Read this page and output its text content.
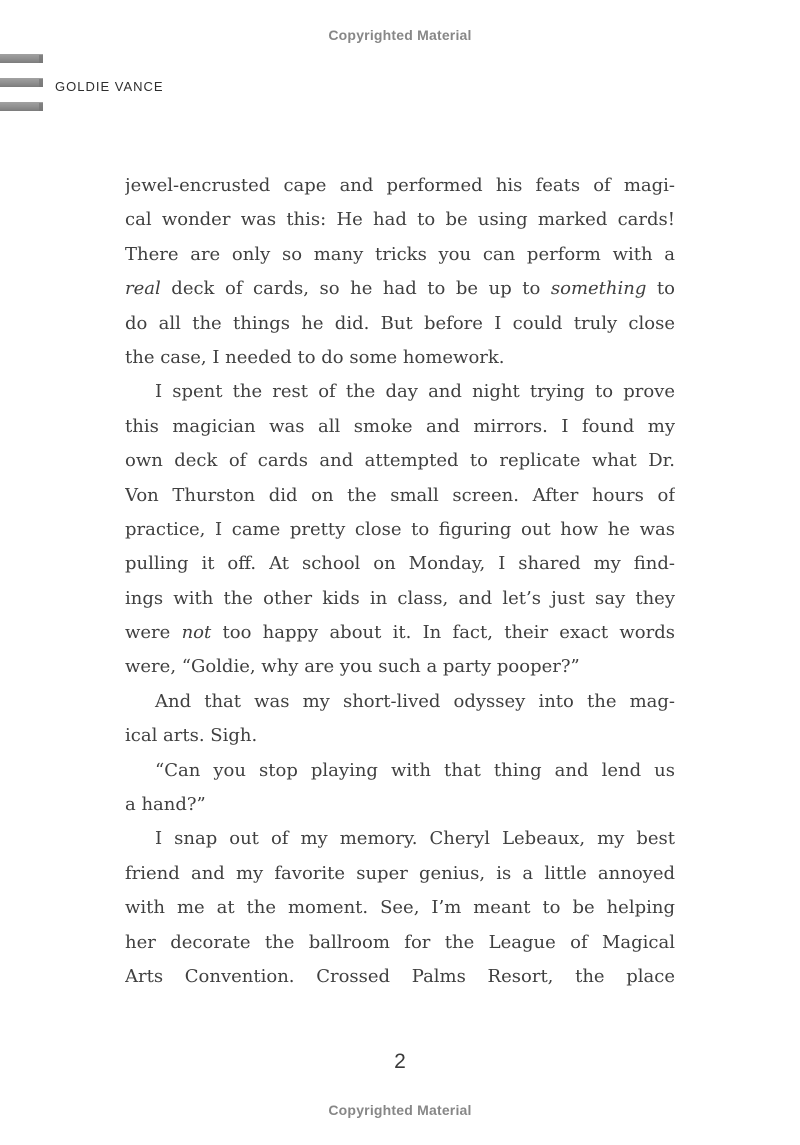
Copyrighted Material
GOLDIE VANCE
jewel-encrusted cape and performed his feats of magi-
cal wonder was this: He had to be using marked cards!
There are only so many tricks you can perform with a
real deck of cards, so he had to be up to something to
do all the things he did. But before I could truly close
the case, I needed to do some homework.
I spent the rest of the day and night trying to prove
this magician was all smoke and mirrors. I found my
own deck of cards and attempted to replicate what Dr.
Von Thurston did on the small screen. After hours of
practice, I came pretty close to figuring out how he was
pulling it off. At school on Monday, I shared my find-
ings with the other kids in class, and let’s just say they
were not too happy about it. In fact, their exact words
were, “Goldie, why are you such a party pooper?”
And that was my short-lived odyssey into the mag-
ical arts. Sigh.
“Can you stop playing with that thing and lend us
a hand?”
I snap out of my memory. Cheryl Lebeaux, my best
friend and my favorite super genius, is a little annoyed
with me at the moment. See, I’m meant to be helping
her decorate the ballroom for the League of Magical
Arts Convention. Crossed Palms Resort, the place
2
Copyrighted Material
